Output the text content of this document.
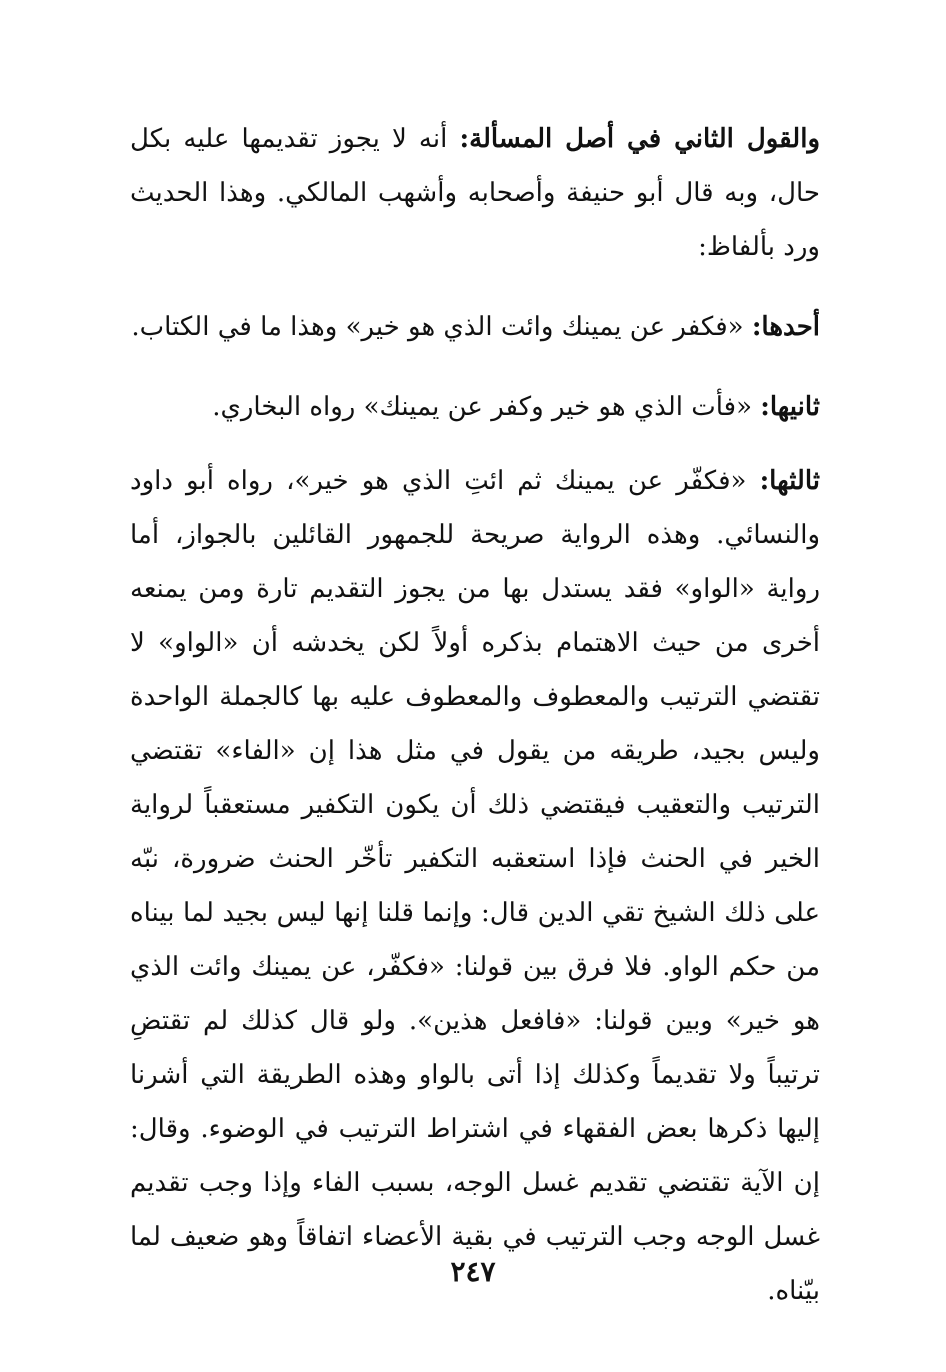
والقول الثاني في أصل المسألة: أنه لا يجوز تقديمها عليه بكل حال، وبه قال أبو حنيفة وأصحابه وأشهب المالكي. وهذا الحديث ورد بألفاظ:

أحدها: «فكفر عن يمينك وائت الذي هو خير» وهذا ما في الكتاب.

ثانيها: «فأت الذي هو خير وكفر عن يمينك» رواه البخاري.

ثالثها: «فكفّر عن يمينك ثم ائتِ الذي هو خير»، رواه أبو داود والنسائي. وهذه الرواية صريحة للجمهور القائلين بالجواز، أما رواية «الواو» فقد يستدل بها من يجوز التقديم تارة ومن يمنعه أخرى من حيث الاهتمام بذكره أولاً لكن يخدشه أن «الواو» لا تقتضي الترتيب والمعطوف والمعطوف عليه بها كالجملة الواحدة وليس بجيد، طريقه من يقول في مثل هذا إن «الفاء» تقتضي الترتيب والتعقيب فيقتضي ذلك أن يكون التكفير مستعقباً لرواية الخير في الحنث فإذا استعقبه التكفير تأخّر الحنث ضرورة، نبّه على ذلك الشيخ تقي الدين قال: وإنما قلنا إنها ليس بجيد لما بيناه من حكم الواو. فلا فرق بين قولنا: «فكفّر، عن يمينك وائت الذي هو خير» وبين قولنا: «فافعل هذين». ولو قال كذلك لم تقتضِ ترتيباً ولا تقديماً وكذلك إذا أتى بالواو وهذه الطريقة التي أشرنا إليها ذكرها بعض الفقهاء في اشتراط الترتيب في الوضوء. وقال: إن الآية تقتضي تقديم غسل الوجه، بسبب الفاء وإذا وجب تقديم غسل الوجه وجب الترتيب في بقية الأعضاء اتفاقاً وهو ضعيف لما بيّناه.

٢٤٧
